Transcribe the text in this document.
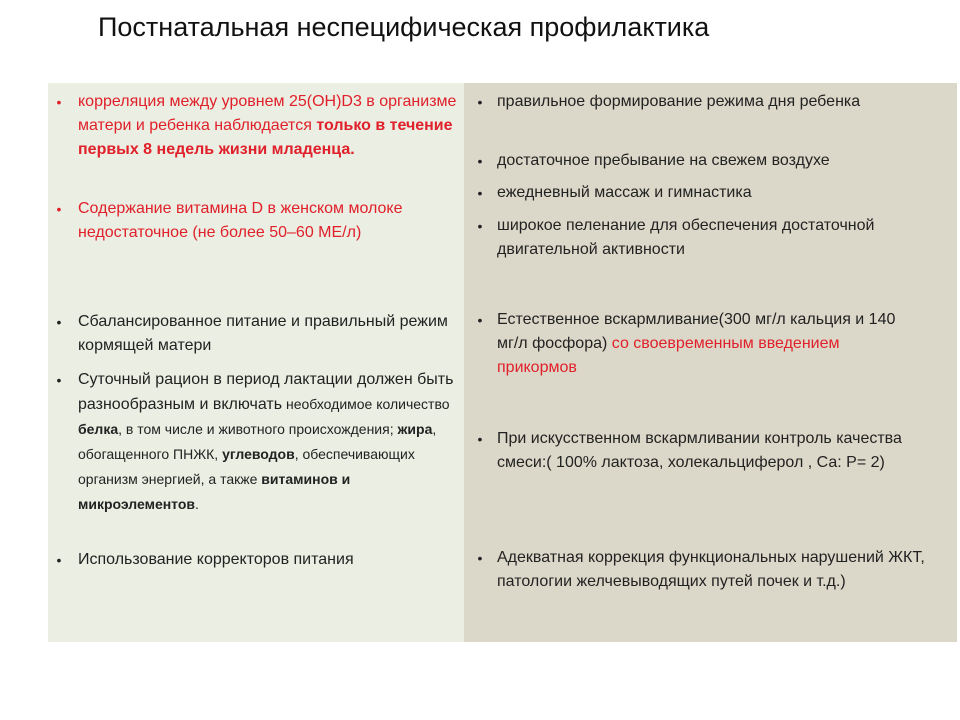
Постнатальная неспецифическая профилактика
• корреляция между уровнем 25(ОН)D3 в организме матери и ребенка наблюдается только в течение первых 8 недель жизни младенца.

• Содержание витамина D в женском молоке недостаточное (не более 50–60 МЕ/л)

• Сбалансированное питание и правильный режим кормящей матери

• Суточный рацион в период лактации должен быть разнообразным и включать необходимое количество белка, в том числе и животного происхождения; жира, обогащенного ПНЖК, углеводов, обеспечивающих организм энергией, а также витаминов и микроэлементов.

• Использование корректоров питания

• правильное формирование режима дня ребенка

• достаточное пребывание на свежем воздухе

• ежедневный массаж и гимнастика

• широкое пеленание для обеспечения достаточной двигательной активности

• Естественное вскармливание(300 мг/л кальция и 140 мг/л фосфора) со своевременным введением прикормов

• При искусственном вскармливании контроль качества смеси:( 100% лактоза, холекальциферол , Са: Р= 2)

• Адекватная коррекция функциональных нарушений ЖКТ, патологии желчевыводящих путей почек и т.д.)
